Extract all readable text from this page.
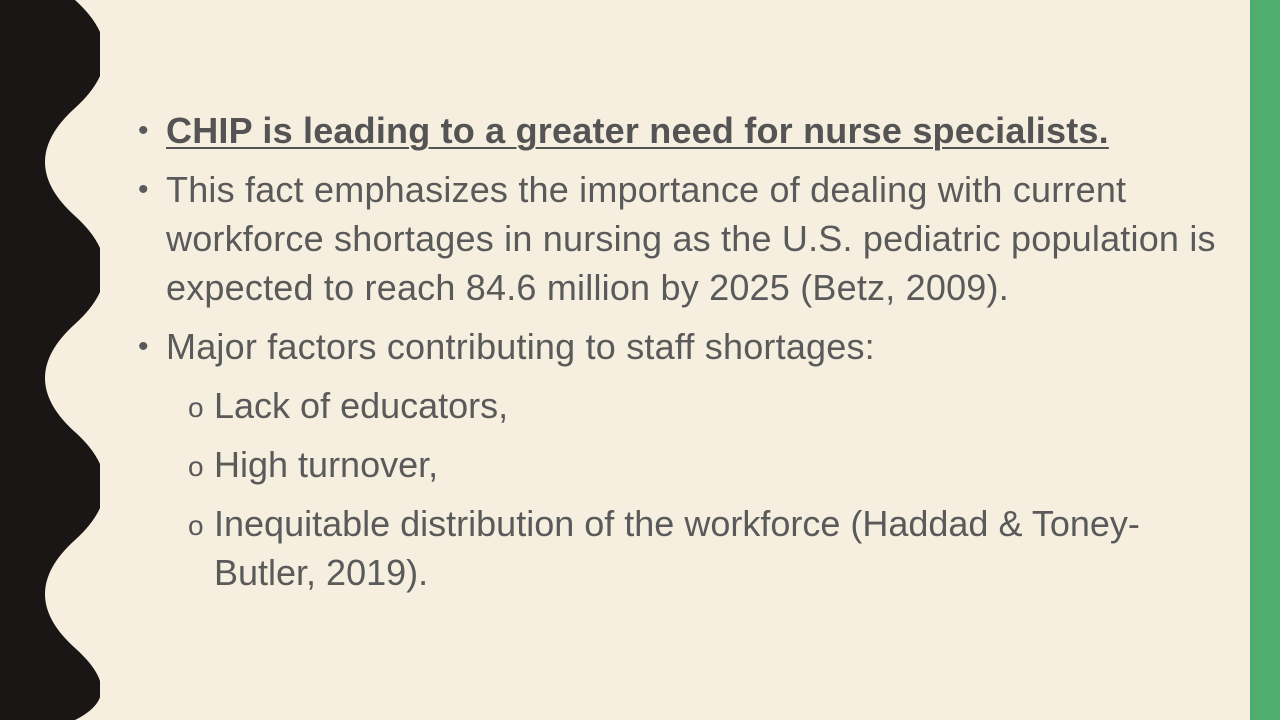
• CHIP is leading to a greater need for nurse specialists.
• This fact emphasizes the importance of dealing with current workforce shortages in nursing as the U.S. pediatric population is expected to reach 84.6 million by 2025 (Betz, 2009).
• Major factors contributing to staff shortages:
o Lack of educators,
o High turnover,
o Inequitable distribution of the workforce (Haddad & Toney-Butler, 2019).
